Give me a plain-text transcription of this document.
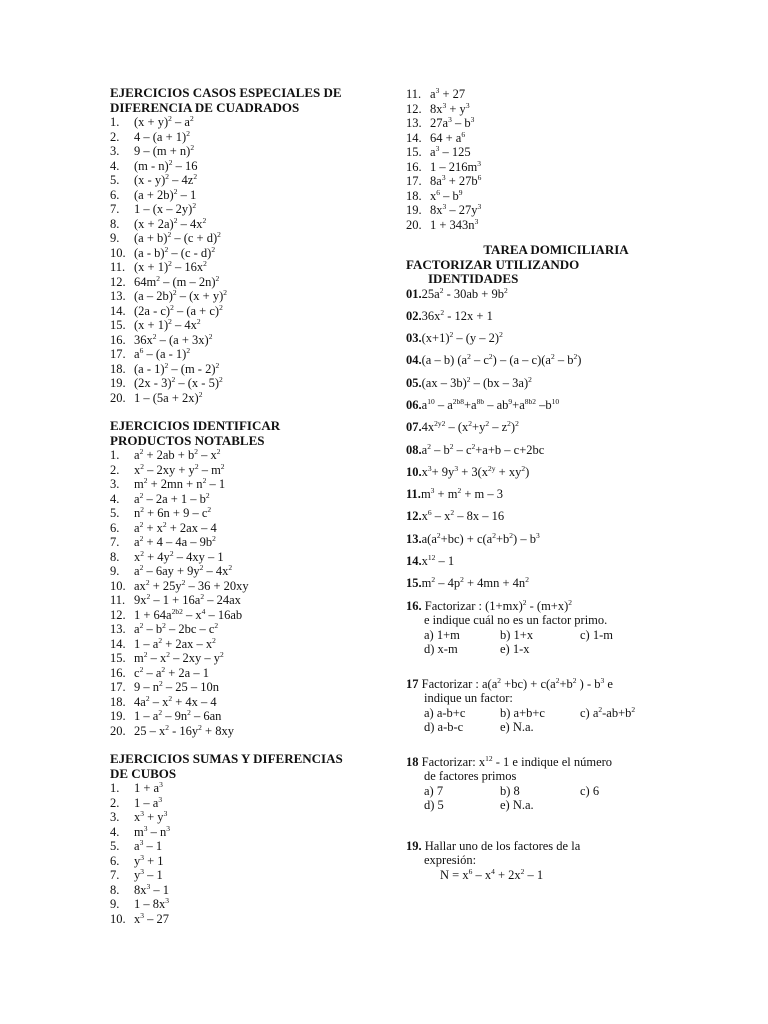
EJERCICIOS CASOS ESPECIALES DE
DIFERENCIA DE CUADRADOS
1.	$(x + y)^2 - a^2$
2.	$4 - (a + 1)^2$
3.	$9 - (m + n)^2$
4.	(m - n)$^2$ – 16
5.	$(x - y)^2 - 4z^2$
6.	$(a + 2b)^2 - 1$
7.	1 – (x – 2y)$^2$
8.	$(x + 2a)^2 - 4x^2$
9.	$(a + b)^2 - (c + d)^2$
10. (a - b)$^2$ – (c - d)$^2$
11. $(x + 1)^2 - 16x^2$
12. $64m^2 - (m - 2n)^2$
13. $(a - 2b)^2 - (x + y)^2$
14. $(2a - c)^2 - (a + c)^2$
15. $(x + 1)^2 - 4x^2$
16. $36x^2 - (a + 3x)^2$
17. $a^6 - (a - 1)^2$
18. (a - 1)$^2$ – (m - 2)$^2$
19. (2x - 3)$^2$ – (x - 5)$^2$
20. $1 - (5a + 2x)^2$
EJERCICIOS IDENTIFICAR
PRODUCTOS NOTABLES
1.	$a^2 + 2ab + b^2 - x^2$
2.	$x^2 - 2xy + y^2 - m^2$
3.	$m^2 + 2mn + n^2 - 1$
4.	$a^2 - 2a + 1 - b^2$
5.	$n^2 + 6n + 9 - c^2$
6.	$a^2 + x^2 + 2ax - 4$
7.	$a^2 + 4 - 4a - 9b^2$
8.	$x^2 + 4y^2 - 4xy - 1$
9.	$a^2 - 6ay + 9y^2 - 4x^2$
10. $ax^2 + 25y^2 - 36 + 20xy$
11. $9x^2 - 1 + 16a^2 - 24ax$
12. $1 + 64a^{2b2} - x^4 - 16ab$
13. $a^2 - b^2 - 2bc - c^2$
14. $1 - a^2 + 2ax - x^2$
15. $m^2 - x^2 - 2xy - y^2$
16. $c^2 - a^2 + 2a - 1$
17. $9 - n^2 - 25 - 10n$
18. $4a^2 - x^2 + 4x - 4$
19. $1 - a^2 - 9n^2 - 6an$
20. $25 - x^2 - 16y^2 + 8xy$
EJERCICIOS SUMAS Y DIFERENCIAS
DE CUBOS
1.	$1 + a^3$
2.	$1 - a^3$
3.	$x^3 + y^3$
4.	$m^3 - n^3$
5.	$a^3 - 1$
6.	$y^3 + 1$
7.	$y^3 - 1$
8.	$8x^3 - 1$
9.	$1 - 8x^3$
10. $x^3 - 27$
11. $a^3 + 27$
12. $8x^3 + y^3$
13. $27a^3 - b^3$
14. $64 + a^6$
15. $a^3 - 125$
16. $1 - 216m^3$
17. $8a^3 + 27b^6$
18. $x^6 - b^9$
19. $8x^3 - 27y^3$
20. $1 + 343n^3$
TAREA DOMICILIARIA
FACTORIZAR UTILIZANDO
IDENTIDADES
$01.25a^2 - 30ab + 9b^2$
$02.36x^2 - 12x + 1$
$03.(x+1)^2 - (y - 2)^2$
04.(a – b) $(a^2 - c^2) - (a - c)(a^2 - b^2)$
05.(ax – 3b)$^2$ – (bx – 3a)$^2$
$06.a^{10} - a^{2b8}+a^{8b} - ab^9+a^{8b2}$ $-b^{10}$
$07.4x^{2y2} - (x^2+y^2 - z^2)^2$
$08.a^2 - b^2 - c^2+a+b - c+2bc$
$10.x^3+ 9y^3 + 3(x^{2y} + xy^2)$
$11.m^3 + m^2 + m - 3$
$12.x^6 - x^2 - 8x - 16$
$13.a(a^2+bc) + c(a^2+b^2) - b^3$
$14.x^{12} - 1$
$15.m^2 - 4p^2 + 4mn + 4n^2$
16. Factorizar : $(1+mx)^2 - (m+x)^2$
e indique cuál no es un factor primo.
a) 1+m	b) 1+x	c) 1-m
d) x-m	e) 1-x
17 Factorizar : $a(a^2 +bc) + c(a^2+b^2$ ) - $b^3$ e
indique un factor:
a) a-b+c	b) a+b+c	c) $a^2-ab+b^2$
d) a-b-c	e) N.a.
18 Factorizar: $x^{12} - 1$ e indique el número
de factores primos
a) 7	b) 8	c) 6
d) 5	e) N.a.
19. Hallar uno de los factores de la
expresión:
$N = x^6 - x^4 + 2x^2 - 1$
